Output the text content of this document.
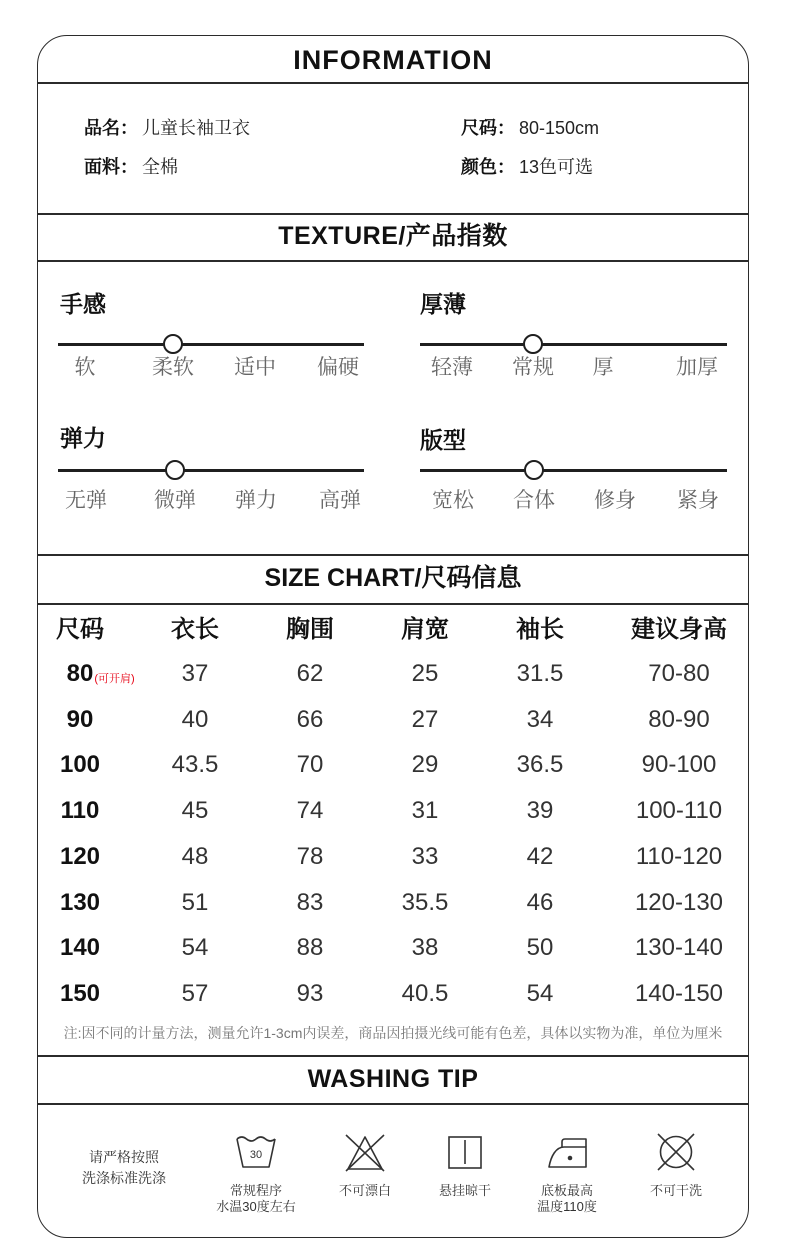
INFORMATION
品名： 儿童长袖卫衣	尺码： 80-150cm
面料： 全棉	颜色： 13色可选
TEXTURE/产品指数
手感
软	柔软	适中	偏硬
厚薄
轻薄	常规	厚	加厚
弹力
无弹	微弹	弹力	高弹
版型
宽松	合体	修身	紧身
SIZE CHART/尺码信息
尺码	衣长	胸围	肩宽	袖长	建议身高
80 (可开肩)	37	62	25	31.5	70-80
90	40	66	27	34	80-90
100	43.5	70	29	36.5	90-100
110	45	74	31	39	100-110
120	48	78	33	42	110-120
130	51	83	35.5	46	120-130
140	54	88	38	50	130-140
150	57	93	40.5	54	140-150
注:因不同的计量方法，测量允许1-3cm内误差，商品因拍摄光线可能有色差，具体以实物为准，单位为厘米
WASHING TIP
请严格按照
洗涤标准洗涤
30
常规程序
水温30度左右
不可漂白	悬挂晾干	底板最高
温度110度
不可干洗
